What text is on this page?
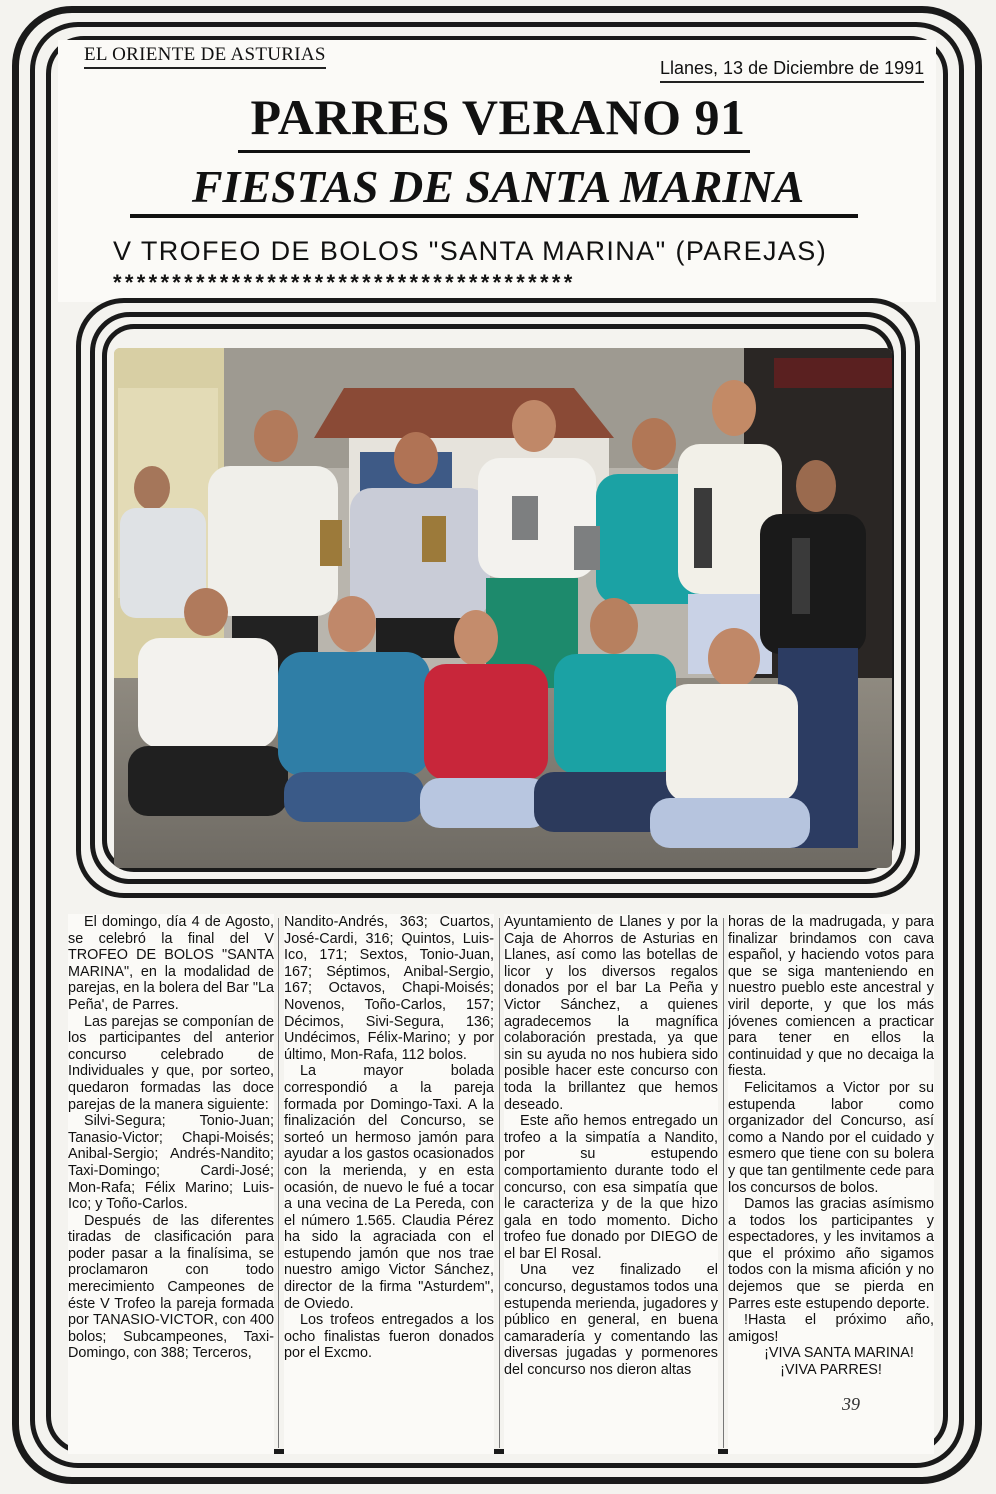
EL ORIENTE DE ASTURIAS
Llanes, 13 de Diciembre de 1991
PARRES VERANO 91
FIESTAS DE SANTA MARINA
V TROFEO DE BOLOS "SANTA MARINA" (PAREJAS)
***************************************

El domingo, día 4 de Agosto, se celebró la final del V TROFEO DE BOLOS "SANTA MARINA", en la modalidad de parejas, en la bolera del Bar "La Peña', de Parres.

Las parejas se componían de los participantes del anterior concurso celebrado de Individuales y que, por sorteo, quedaron formadas las doce parejas de la manera siguiente:

Silvi-Segura; Tonio-Juan; Tanasio-Victor; Chapi-Moisés; Anibal-Sergio; Andrés-Nandito; Taxi-Domingo; Cardi-José; Mon-Rafa; Félix Marino; Luis-Ico; y Toño-Carlos.

Después de las diferentes tiradas de clasificación para poder pasar a la finalísima, se proclamaron con todo merecimiento Campeones de éste V Trofeo la pareja formada por TANASIO-VICTOR, con 400 bolos; Subcampeones, Taxi-Domingo, con 388; Terceros,

Nandito-Andrés, 363; Cuartos, José-Cardi, 316; Quintos, Luis-Ico, 171; Sextos, Tonio-Juan, 167; Séptimos, Anibal-Sergio, 167; Octavos, Chapi-Moisés; Novenos, Toño-Carlos, 157; Décimos, Sivi-Segura, 136; Undécimos, Félix-Marino; y por último, Mon-Rafa, 112 bolos.

La mayor bolada correspondió a la pareja formada por Domingo-Taxi. A la finalización del Concurso, se sorteó un hermoso jamón para ayudar a los gastos ocasionados con la merienda, y en esta ocasión, de nuevo le fué a tocar a una vecina de La Pereda, con el número 1.565. Claudia Pérez ha sido la agraciada con el estupendo jamón que nos trae nuestro amigo Victor Sánchez, director de la firma "Asturdem", de Oviedo.

Los trofeos entregados a los ocho finalistas fueron donados por el Excmo.

Ayuntamiento de Llanes y por la Caja de Ahorros de Asturias en Llanes, así como las botellas de licor y los diversos regalos donados por el bar La Peña y Victor Sánchez, a quienes agradecemos la magnífica colaboración prestada, ya que sin su ayuda no nos hubiera sido posible hacer este concurso con toda la brillantez que hemos deseado.

Este año hemos entregado un trofeo a la simpatía a Nandito, por su estupendo comportamiento durante todo el concurso, con esa simpatía que le caracteriza y de la que hizo gala en todo momento. Dicho trofeo fue donado por DIEGO de el bar El Rosal.

Una vez finalizado el concurso, degustamos todos una estupenda merienda, jugadores y público en general, en buena camaradería y comentando las diversas jugadas y pormenores del concurso nos dieron altas

horas de la madrugada, y para finalizar brindamos con cava español, y haciendo votos para que se siga manteniendo en nuestro pueblo este ancestral y viril deporte, y que los más jóvenes comiencen a practicar para tener en ellos la continuidad y que no decaiga la fiesta.

Felicitamos a Victor por su estupenda labor como organizador del Concurso, así como a Nando por el cuidado y esmero que tiene con su bolera y que tan gentilmente cede para los concursos de bolos.

Damos las gracias asímismo a todos los participantes y espectadores, y les invitamos a que el próximo año sigamos todos con la misma afición y no dejemos que se pierda en Parres este estupendo deporte.

!Hasta el próximo año, amigos!

¡VIVA SANTA MARINA! ¡VIVA PARRES!

39
